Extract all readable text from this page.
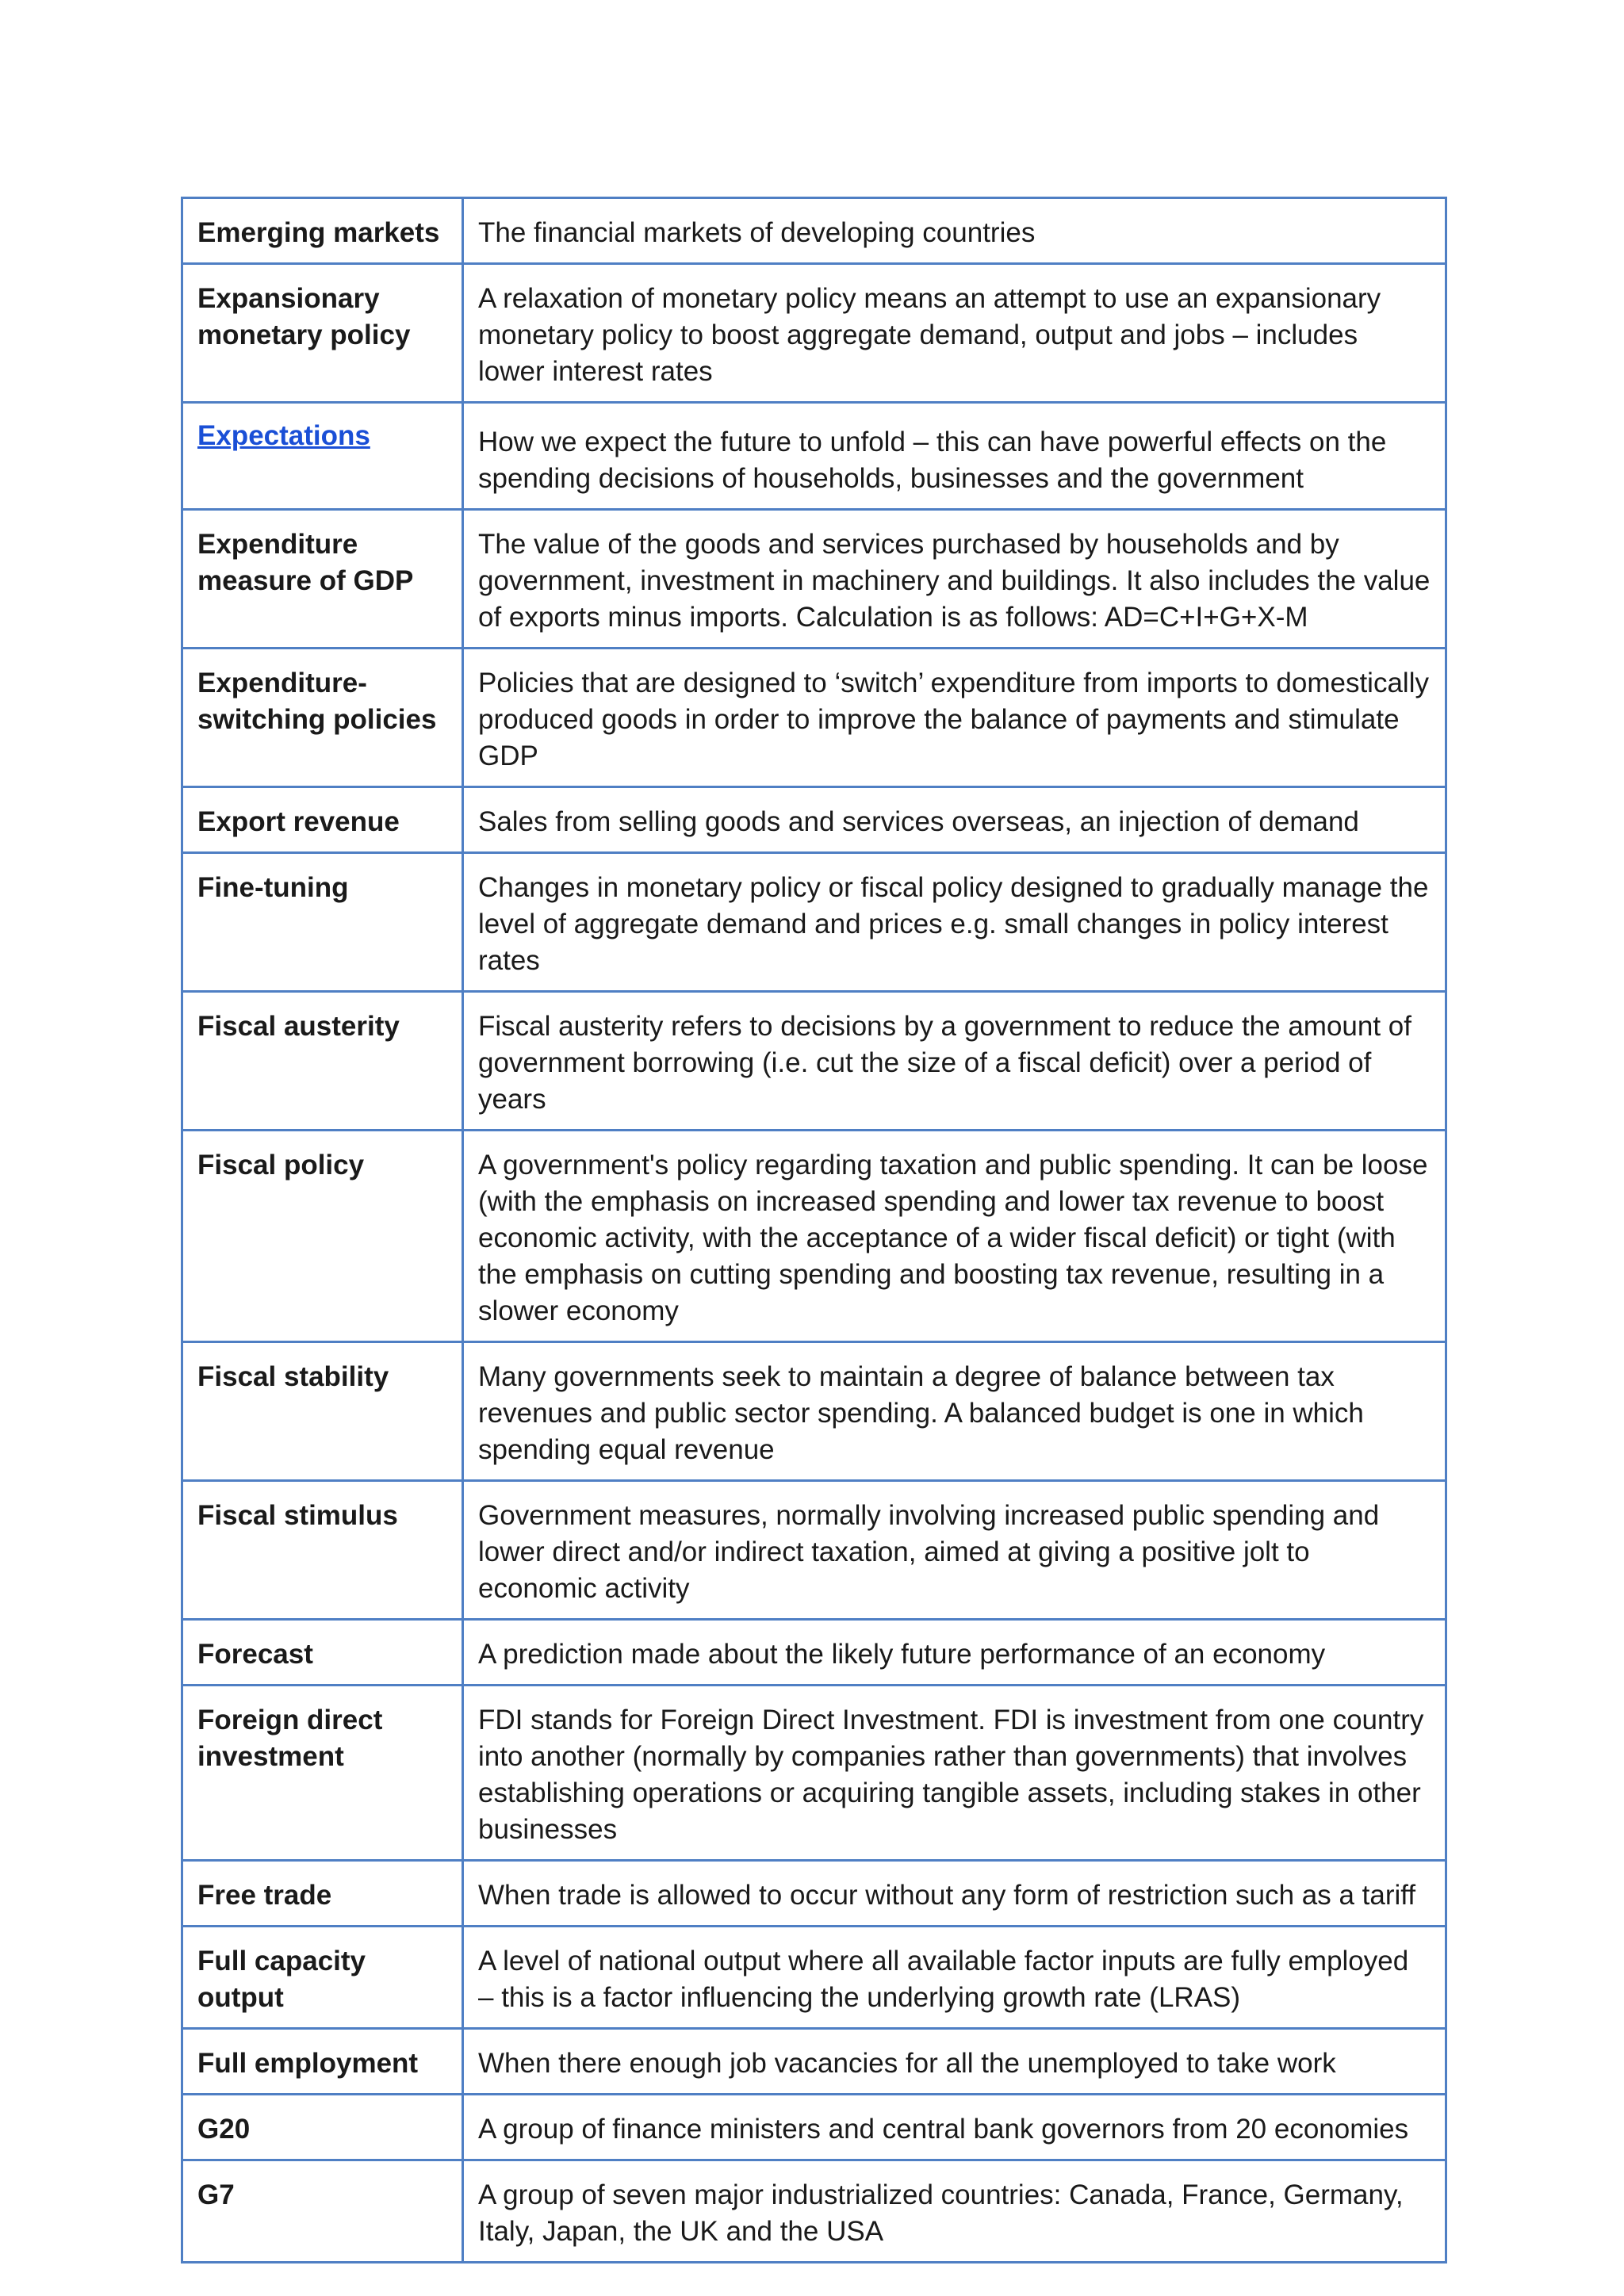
Emerging markets	The financial markets of developing countries
Expansionary monetary policy	A relaxation of monetary policy means an attempt to use an expansionary monetary policy to boost aggregate demand, output and jobs – includes lower interest rates
Expectations	How we expect the future to unfold – this can have powerful effects on the spending decisions of households, businesses and the government
Expenditure measure of GDP	The value of the goods and services purchased by households and by government, investment in machinery and buildings. It also includes the value of exports minus imports. Calculation is as follows: AD=C+I+G+X-M
Expenditure-switching policies	Policies that are designed to ‘switch’ expenditure from imports to domestically produced goods in order to improve the balance of payments and stimulate GDP
Export revenue	Sales from selling goods and services overseas, an injection of demand
Fine-tuning	Changes in monetary policy or fiscal policy designed to gradually manage the level of aggregate demand and prices e.g. small changes in policy interest rates
Fiscal austerity	Fiscal austerity refers to decisions by a government to reduce the amount of government borrowing (i.e. cut the size of a fiscal deficit) over a period of years
Fiscal policy	A government's policy regarding taxation and public spending. It can be loose (with the emphasis on increased spending and lower tax revenue to boost economic activity, with the acceptance of a wider fiscal deficit) or tight (with the emphasis on cutting spending and boosting tax revenue, resulting in a slower economy
Fiscal stability	Many governments seek to maintain a degree of balance between tax revenues and public sector spending. A balanced budget is one in which spending equal revenue
Fiscal stimulus	Government measures, normally involving increased public spending and lower direct and/or indirect taxation, aimed at giving a positive jolt to economic activity
Forecast	A prediction made about the likely future performance of an economy
Foreign direct investment	FDI stands for Foreign Direct Investment. FDI is investment from one country into another (normally by companies rather than governments) that involves establishing operations or acquiring tangible assets, including stakes in other businesses
Free trade	When trade is allowed to occur without any form of restriction such as a tariff
Full capacity output	A level of national output where all available factor inputs are fully employed – this is a factor influencing the underlying growth rate (LRAS)
Full employment	When there enough job vacancies for all the unemployed to take work
G20	A group of finance ministers and central bank governors from 20 economies
G7	A group of seven major industrialized countries: Canada, France, Germany, Italy, Japan, the UK and the USA
